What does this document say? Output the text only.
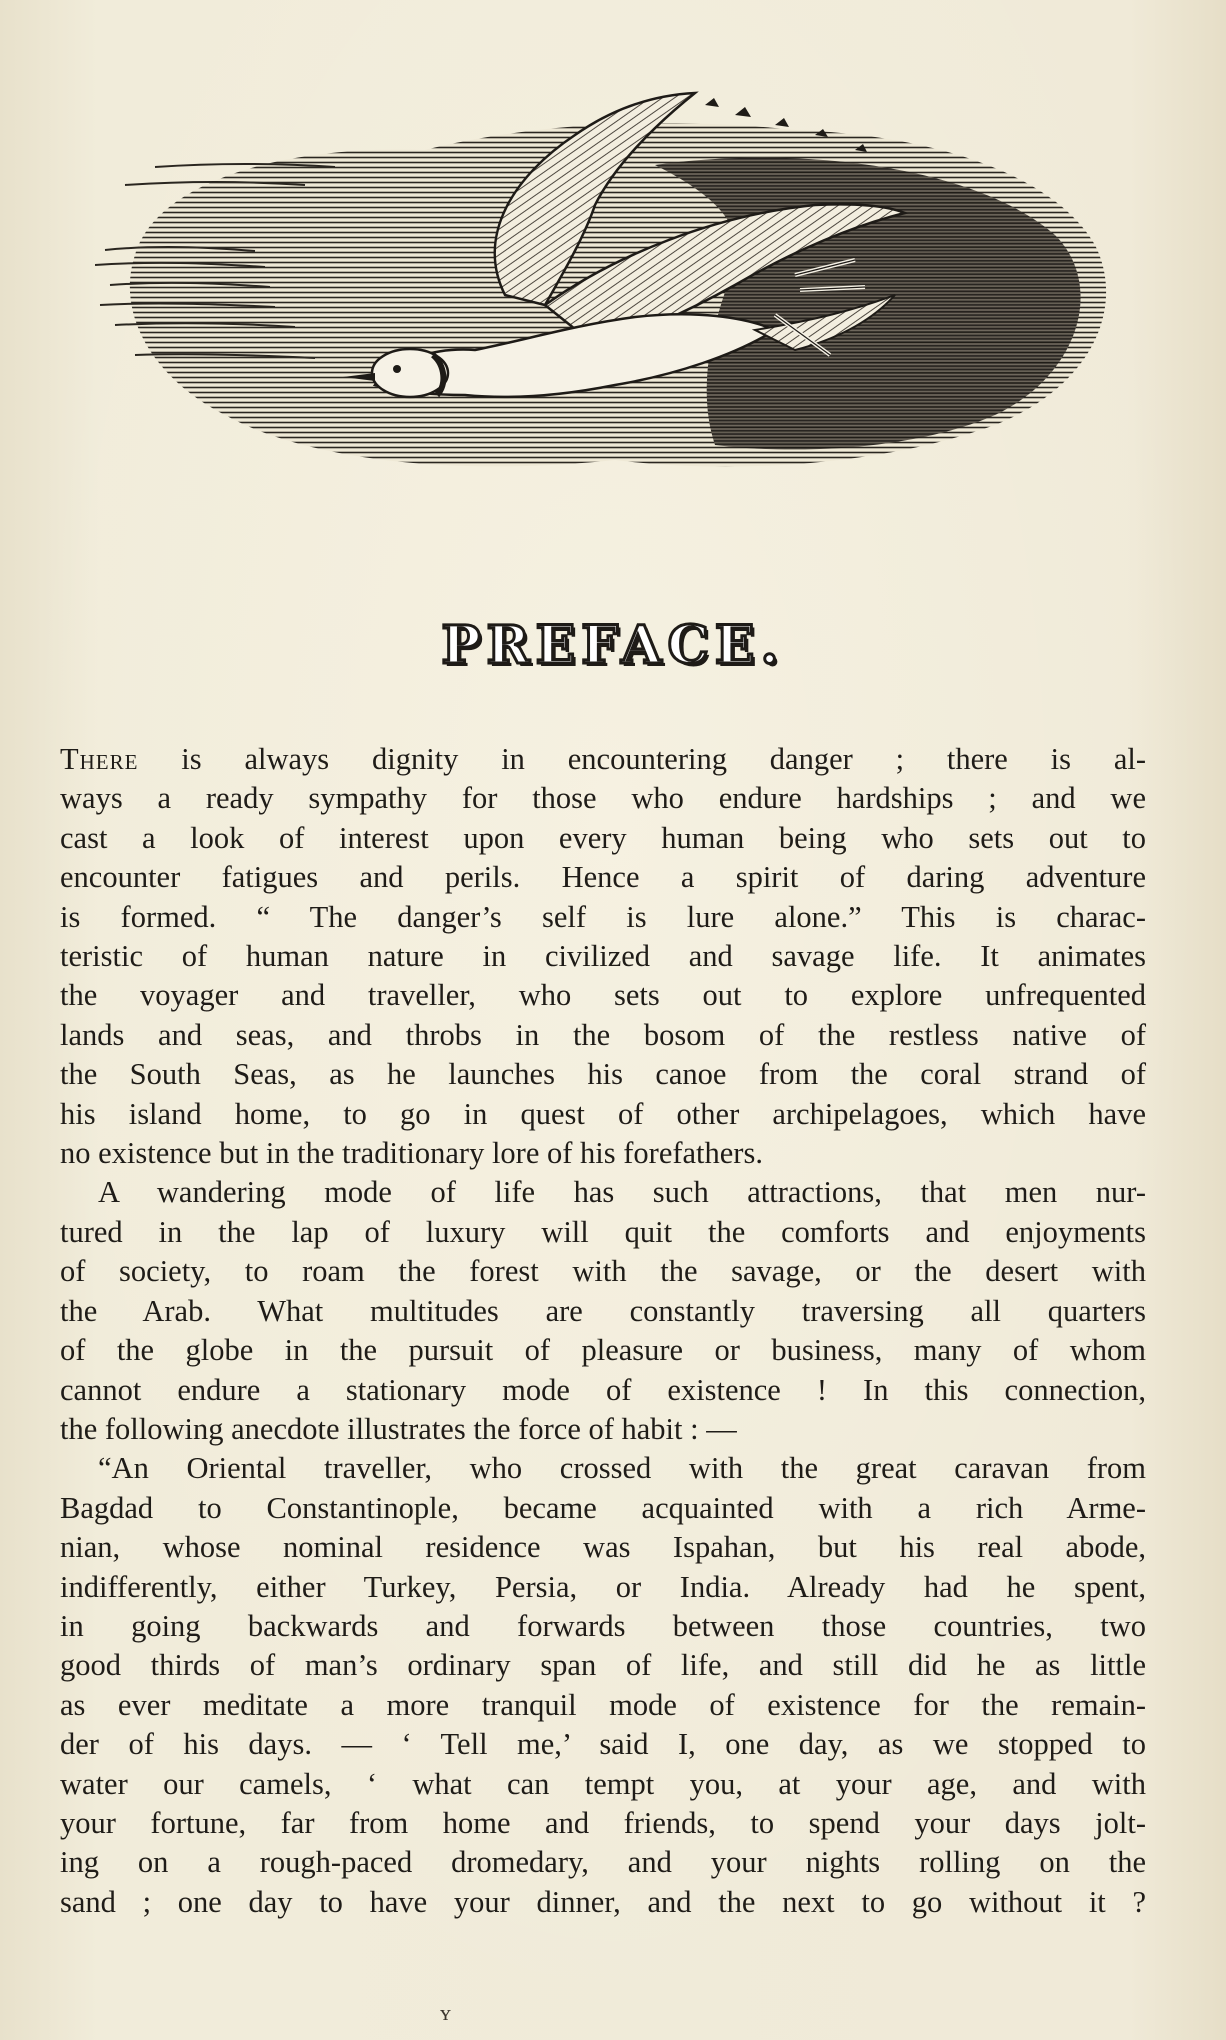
PREFACE.

There is always dignity in encountering danger ; there is al-
ways a ready sympathy for those who endure hardships ; and we
cast a look of interest upon every human being who sets out to
encounter fatigues and perils. Hence a spirit of daring adventure
is formed. “ The danger’s self is lure alone.” This is charac-
teristic of human nature in civilized and savage life. It animates
the voyager and traveller, who sets out to explore unfrequented
lands and seas, and throbs in the bosom of the restless native of
the South Seas, as he launches his canoe from the coral strand of
his island home, to go in quest of other archipelagoes, which have
no existence but in the traditionary lore of his forefathers.

A wandering mode of life has such attractions, that men nur-
tured in the lap of luxury will quit the comforts and enjoyments
of society, to roam the forest with the savage, or the desert with
the Arab. What multitudes are constantly traversing all quarters
of the globe in the pursuit of pleasure or business, many of whom
cannot endure a stationary mode of existence ! In this connection,
the following anecdote illustrates the force of habit : —

“An Oriental traveller, who crossed with the great caravan from
Bagdad to Constantinople, became acquainted with a rich Arme-
nian, whose nominal residence was Ispahan, but his real abode,
indifferently, either Turkey, Persia, or India. Already had he spent,
in going backwards and forwards between those countries, two
good thirds of man’s ordinary span of life, and still did he as little
as ever meditate a more tranquil mode of existence for the remain-
der of his days. — ‘ Tell me,’ said I, one day, as we stopped to
water our camels, ‘ what can tempt you, at your age, and with
your fortune, far from home and friends, to spend your days jolt-
ing on a rough-paced dromedary, and your nights rolling on the
sand ; one day to have your dinner, and the next to go without it ?

ʏ
